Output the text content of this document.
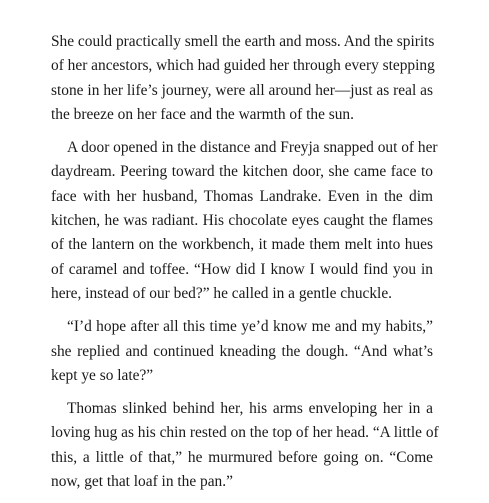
She could practically smell the earth and moss. And the spirits
of her ancestors, which had guided her through every stepping
stone in her life’s journey, were all around her—just as real as
the breeze on her face and the warmth of the sun.

A door opened in the distance and Freyja snapped out of her
daydream. Peering toward the kitchen door, she came face to
face with her husband, Thomas Landrake. Even in the dim
kitchen, he was radiant. His chocolate eyes caught the flames
of the lantern on the workbench, it made them melt into hues
of caramel and toffee. “How did I know I would find you in
here, instead of our bed?” he called in a gentle chuckle.

“I’d hope after all this time ye’d know me and my habits,”
she replied and continued kneading the dough. “And what’s
kept ye so late?”

Thomas slinked behind her, his arms enveloping her in a
loving hug as his chin rested on the top of her head. “A little of
this, a little of that,” he murmured before going on. “Come
now, get that loaf in the pan.”
